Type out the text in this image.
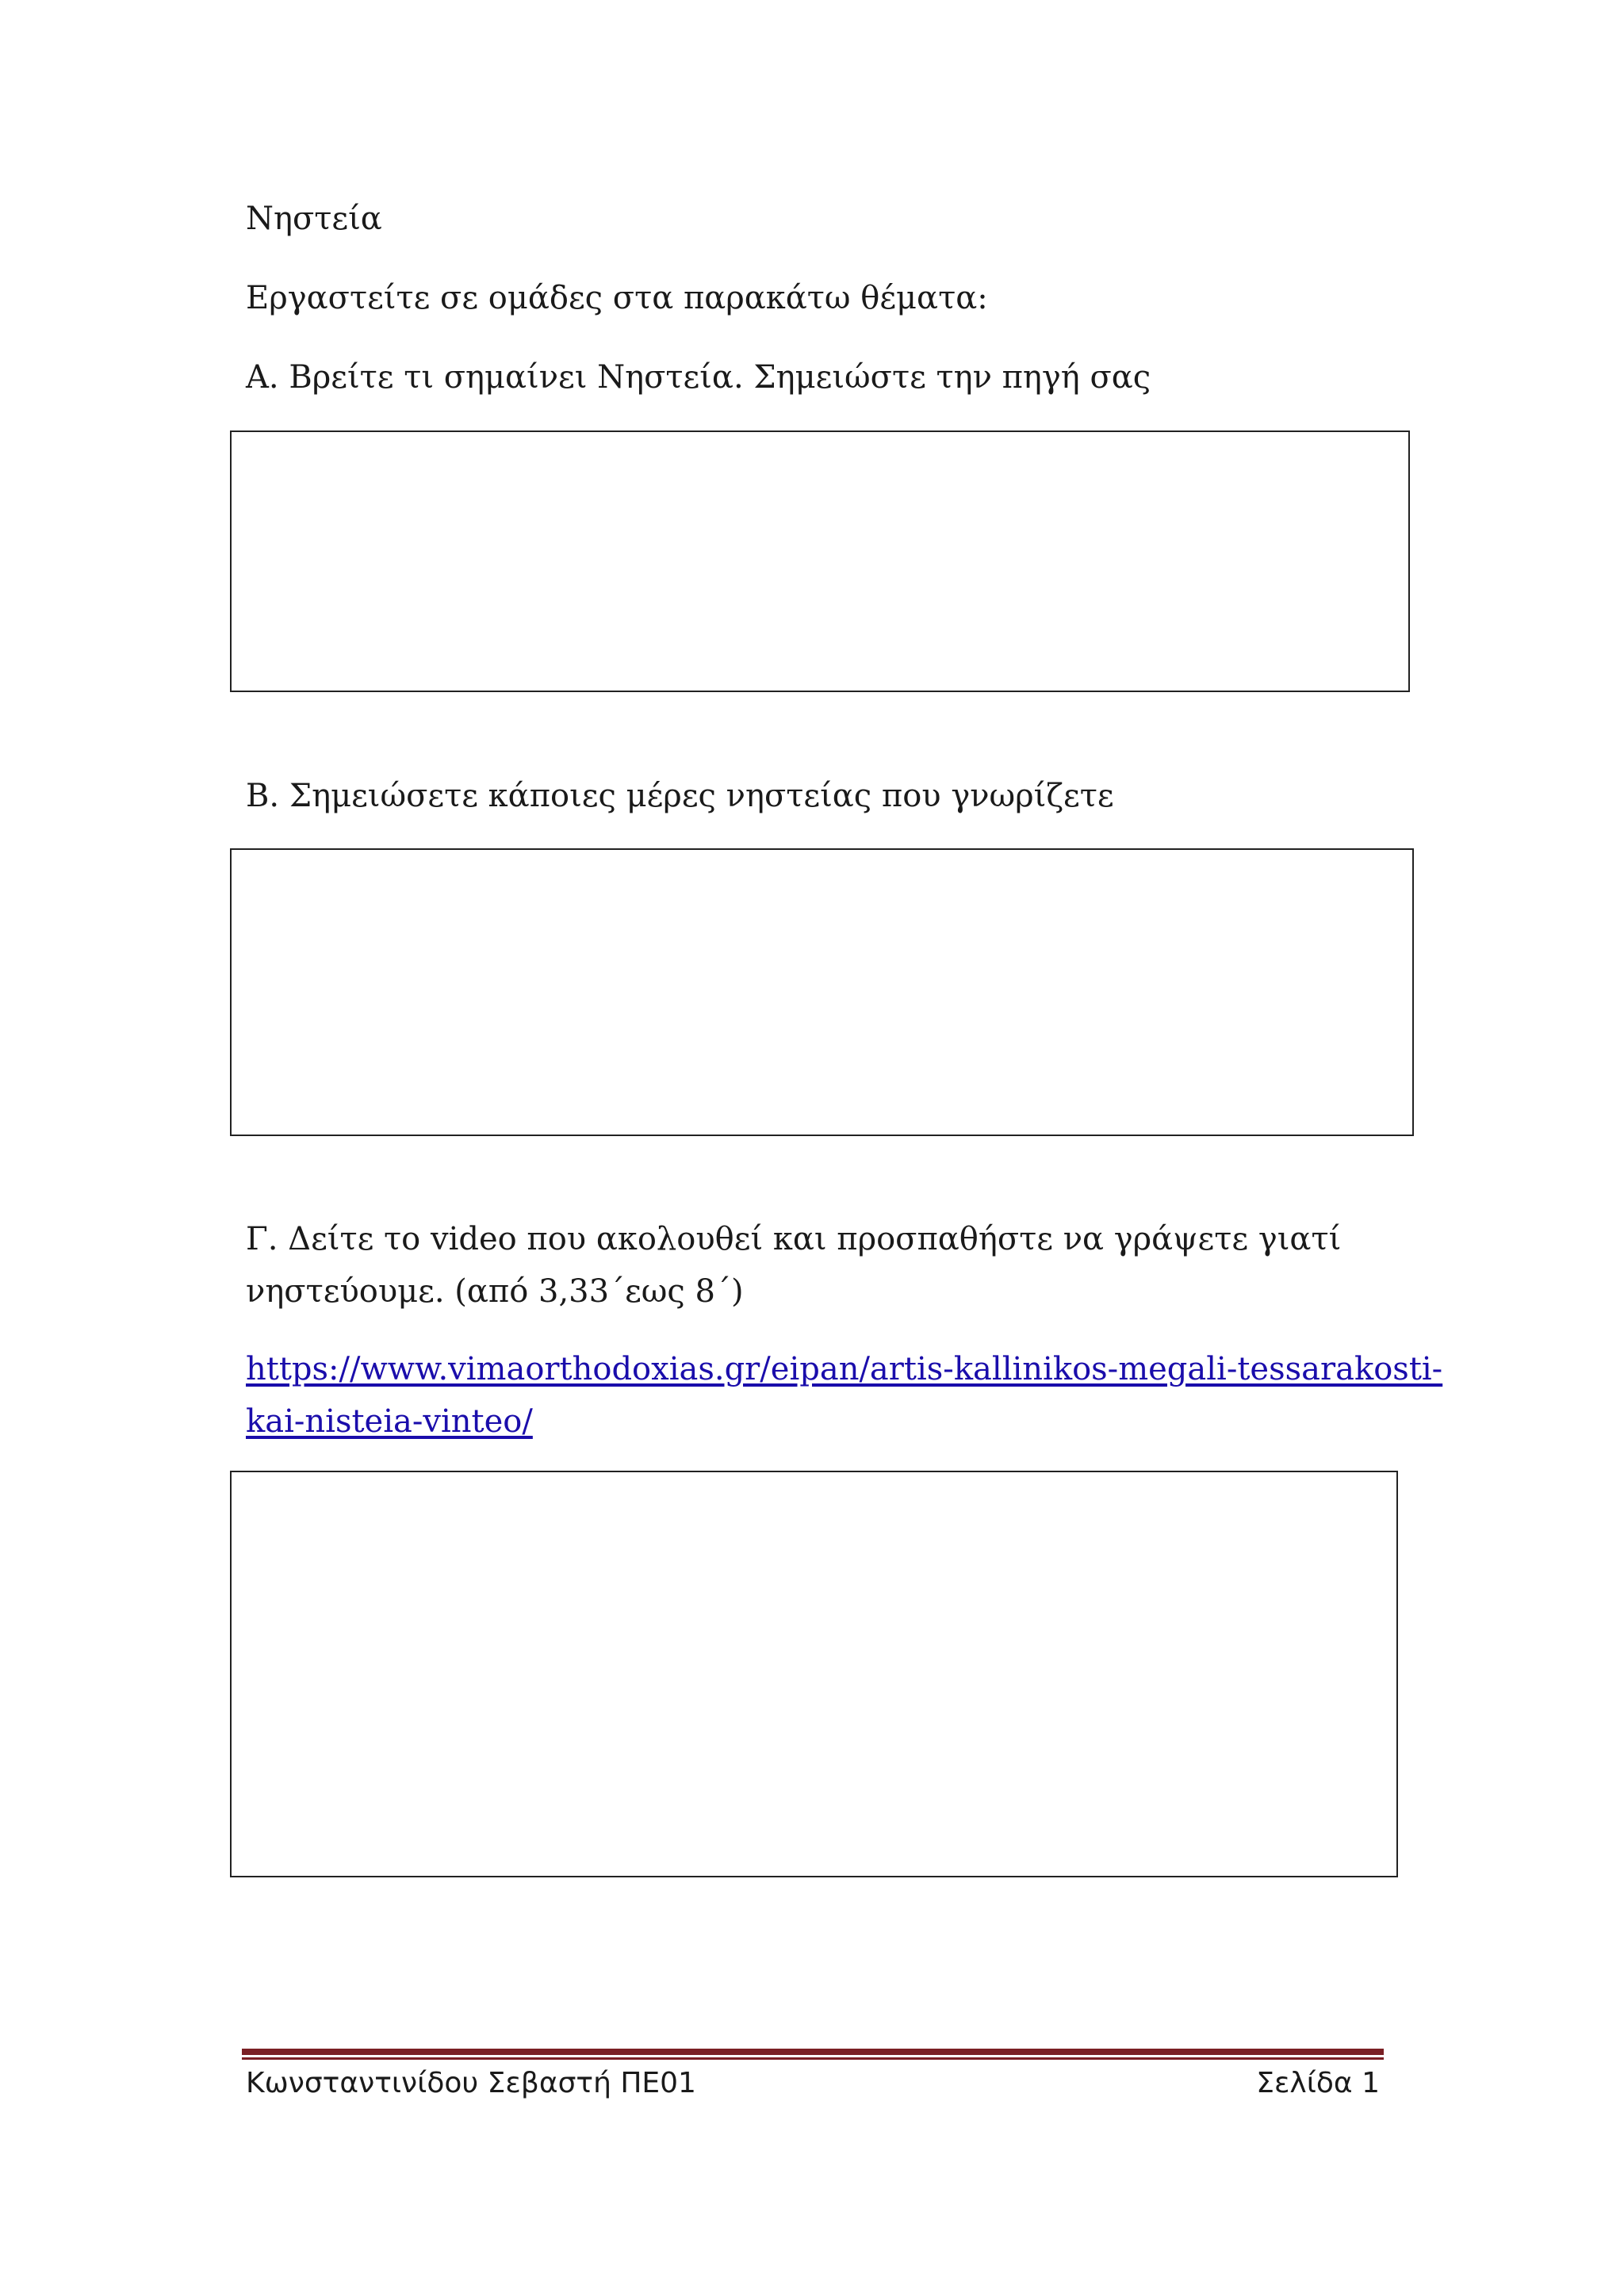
Νηστεία

Εργαστείτε σε ομάδες στα παρακάτω θέματα:

Α. Βρείτε τι σημαίνει Νηστεία. Σημειώστε την πηγή σας

Β. Σημειώσετε κάποιες μέρες νηστείας που γνωρίζετε

Γ. Δείτε το video που ακολουθεί και προσπαθήστε να γράψετε γιατί
νηστεύουμε. (από 3,33΄εως 8΄)
https://www.vimaorthodoxias.gr/eipan/artis-kallinikos-megali-tessarakosti-
kai-nisteia-vinteo/
Κωνσταντινίδου Σεβαστή ΠΕ01	Σελίδα 1
